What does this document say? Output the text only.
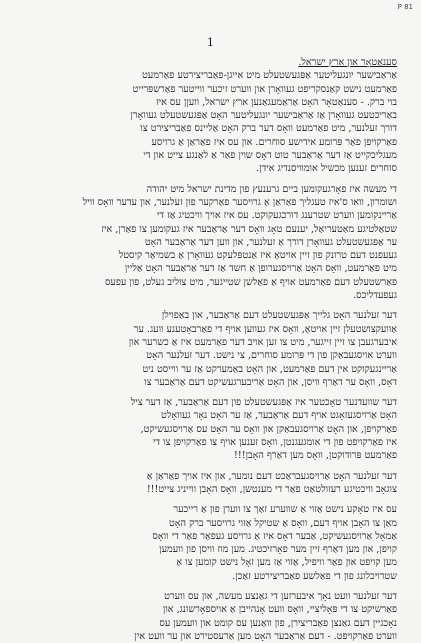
P 81
1
סענאַטאָר און ארץ ישראל.
אַראַבישער יונגעליטער אַפּגעשטעלט מיט אייגן-פאַבריצירטע פאַרמעט
פאַרמעט נישט קאַנסקריפט געוואָרן און ווערט זיכער ווייטער פאַרשפּרייט
בוי ברק. - סענאַטאָר האָט אַראַמעגאַנען ארץ ישראל, וועןן עס איז
באַריכטעט געוואָרן אַז אַראַבישער יונגעליטער האָט אַפּגעשטעלט געוואָרן
דורך זעלנער, מיט פאַרמעט וואָס דער ברק האָט אַליינס פאַבריצירט צו
פאַרקויפן פאַר פּרומע אידישע סוחרים. און עס איז פאַראַן אַ גרויסע
מעגליכקייט אַז דער אַראַבער טוט דאָס שוין פאַר אַ לאַנגע צייט און די
סוחרים זענען מכשיל אומוויסנדיג אידן.
די מעשה איז פאָרגעקומען ביים גרענעץ פון מדינת ישראל מיט יהודה
ושומרון, וואו ס'איז טעגליך פאַראַן אַ גרויסער פאַרקער פון זעלנער, און עדער וואָס וויל
אַריינקומען ווערט שטרענג דורכגעקוקט. עס איז אויך וויכטיג אַז די
שטאַלטיגע מאַטעריאַל, יענעם טאָג וואָס דער אַראַבער איז געקומען צו פאַרן, איז
ער אַפּגעשטעלט געוואָרן דורך אַ זעלנער, און ווען דער אַראַבער האָט
געעפנט דעם טרונק פון זיין אויטאָ איז אַנטפּלעקט געוואָרן אַ בשמיאַר קיסטל
מיט פאַרמעט, וואָס האָט אַרויסגערופן אַ חשד אַז דער אַראַבער האָט אַליין
פאַרשטעלט דעם פאַרמעט אויף אַ פאַלשן שטייגער, מיט צוליב געלט, פון עפעס
געפעדליכס.
דער זעלנער האָט גלייך אַפּגעשטעלט דעם אַראַבער, און באַפוילן
אַוועקצושטעלן זיין אויטאָ, וואָס איז געווען אויף די פאַרבאָטענע וועג. ער
איבערגעבן צו זיין זייגער, מיט צו זען אויב דער פאַרמעט איז אַ כשרער און
ווערט אויסגעבאַקן פון די פּרומע סוחרים, צי נישט. דער זעלנער האָט
אַריינגעקוקט אין דעם פאַרמעט, און האָט באַמערקט אַז ער ווייסט ניט
דאָס, וואָס ער דאַרף וויסן, און האָט אַריבערגעשיקט דעם אַראַבער צו
דער שוועדנער טאָכטער איז אַפּגעשטעלט פון דעם אַראַבער, אַז דער ציל
האָט אַרויסגעזאָגט אויף דעם אַראַבער, אַז ער האָט נאָר געוואָלט
פאַרקויפן, און האָט אַרויסגעבאַקן און וואָס ער האָט עס אַרויסגעשיקט,
איז פאַרקויפט פון די אומגעגנטן, וואָס זענען אויף צו פאַרקויפן צו די
פאַרמעט פּרודוקטן, וואָס מען דאַרף האָבן!!!
דער זעלנער האָט אַרויסגעבראַכט דעם נומער, און איז אויך פאַראַן אַ
צוגאָב וויכטיגע רעזולטאַט פאַר די מענטשן, וואָס האָבן ווייניג צייט!!!
עס איז טאָקע נישט אַזוי אַ שווערע זאַך צו ווערן פון אַ רייכער
מאַן צו האָבן אויף דעם, וואָס אַ שטיקל אַזוי גרויסער ברק האָט
אַמאָל אַרויסגעשיקט, אַבער דאָס איז אַ גרויסע געפאַר פאַר די וואָס
קויפן, און מען דאַרף זיין מער פאָרזיכטיג. מען מוז וויסן פון וועמען
מען קויפט און פאַר וויפיל, אַזוי אַז מען זאָל נישט קומען צו אַ
שטרויכלונג פון די פאַלשע פאַבריצירטע זאַכן.
דער זעלנער וועט נאָך איבערזען די גאַנצע מעשה, און עס ווערט
פאַרשיקט צו די פּאָליציי, וואָס וועט אָנהייבן אַ אויספאָרשונג, און
נאָכגיין דעם גאַנצן פאַבריצירן, פון וואַנען עס קומט און וועמען עס
ווערט פאַרקויפט. - דעם אַראַבער האָט מען אַרעסטירט און ער וועט אין
